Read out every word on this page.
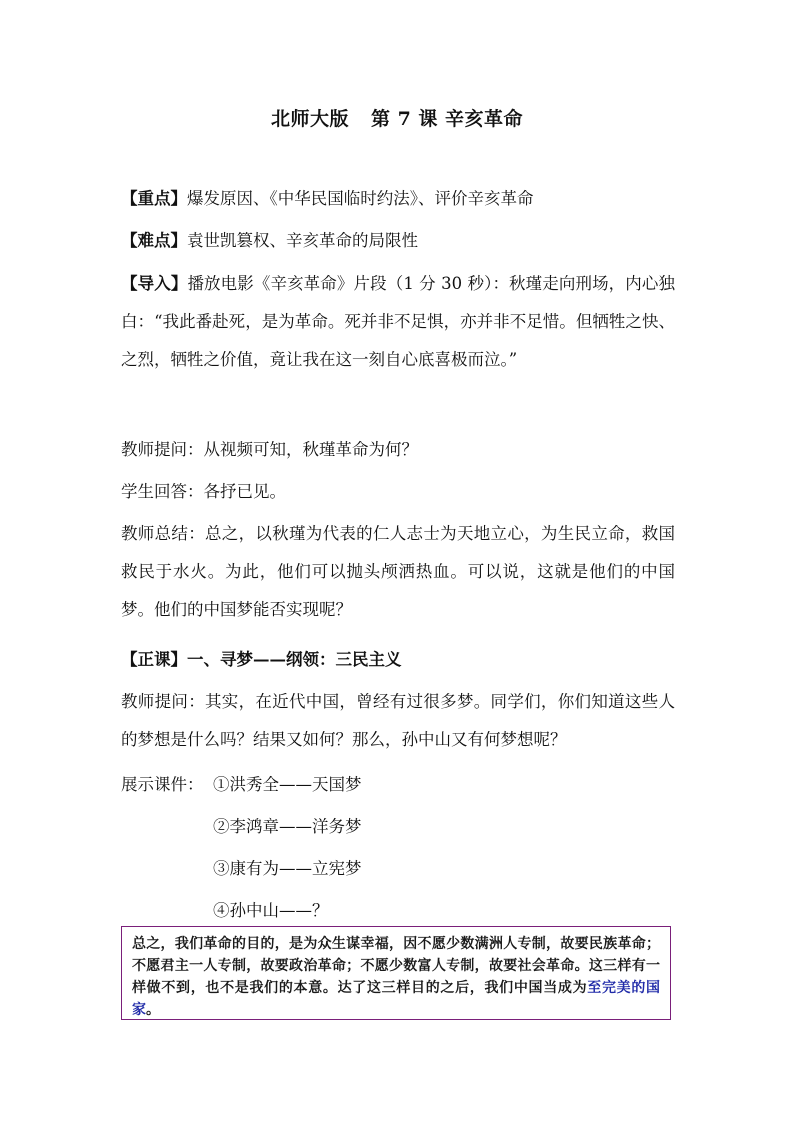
北师大版 第 7 课 辛亥革命
【重点】爆发原因、《中华民国临时约法》、评价辛亥革命
【难点】袁世凯篡权、辛亥革命的局限性
【导入】播放电影《辛亥革命》片段（1 分 30 秒）：秋瑾走向刑场，内心独白：“我此番赴死，是为革命。死并非不足惧，亦并非不足惜。但牺牲之快、之烈，牺牲之价值，竟让我在这一刻自心底喜极而泣。”
教师提问：从视频可知，秋瑾革命为何？
学生回答：各抒已见。
教师总结：总之，以秋瑾为代表的仁人志士为天地立心，为生民立命，救国救民于水火。为此，他们可以抛头颅洒热血。可以说，这就是他们的中国梦。他们的中国梦能否实现呢？
【正课】一、寻梦——纲领：三民主义
教师提问：其实，在近代中国，曾经有过很多梦。同学们，你们知道这些人的梦想是什么吗？结果又如何？那么，孙中山又有何梦想呢？
展示课件： ①洪秀全——天国梦
②李鸿章——洋务梦
③康有为——立宪梦
④孙中山——？
总之，我们革命的目的，是为众生谋幸福，因不愿少数满洲人专制，故要民族革命；不愿君主一人专制，故要政治革命；不愿少数富人专制，故要社会革命。这三样有一样做不到，也不是我们的本意。达了这三样目的之后，我们中国当成为至完美的国家。
